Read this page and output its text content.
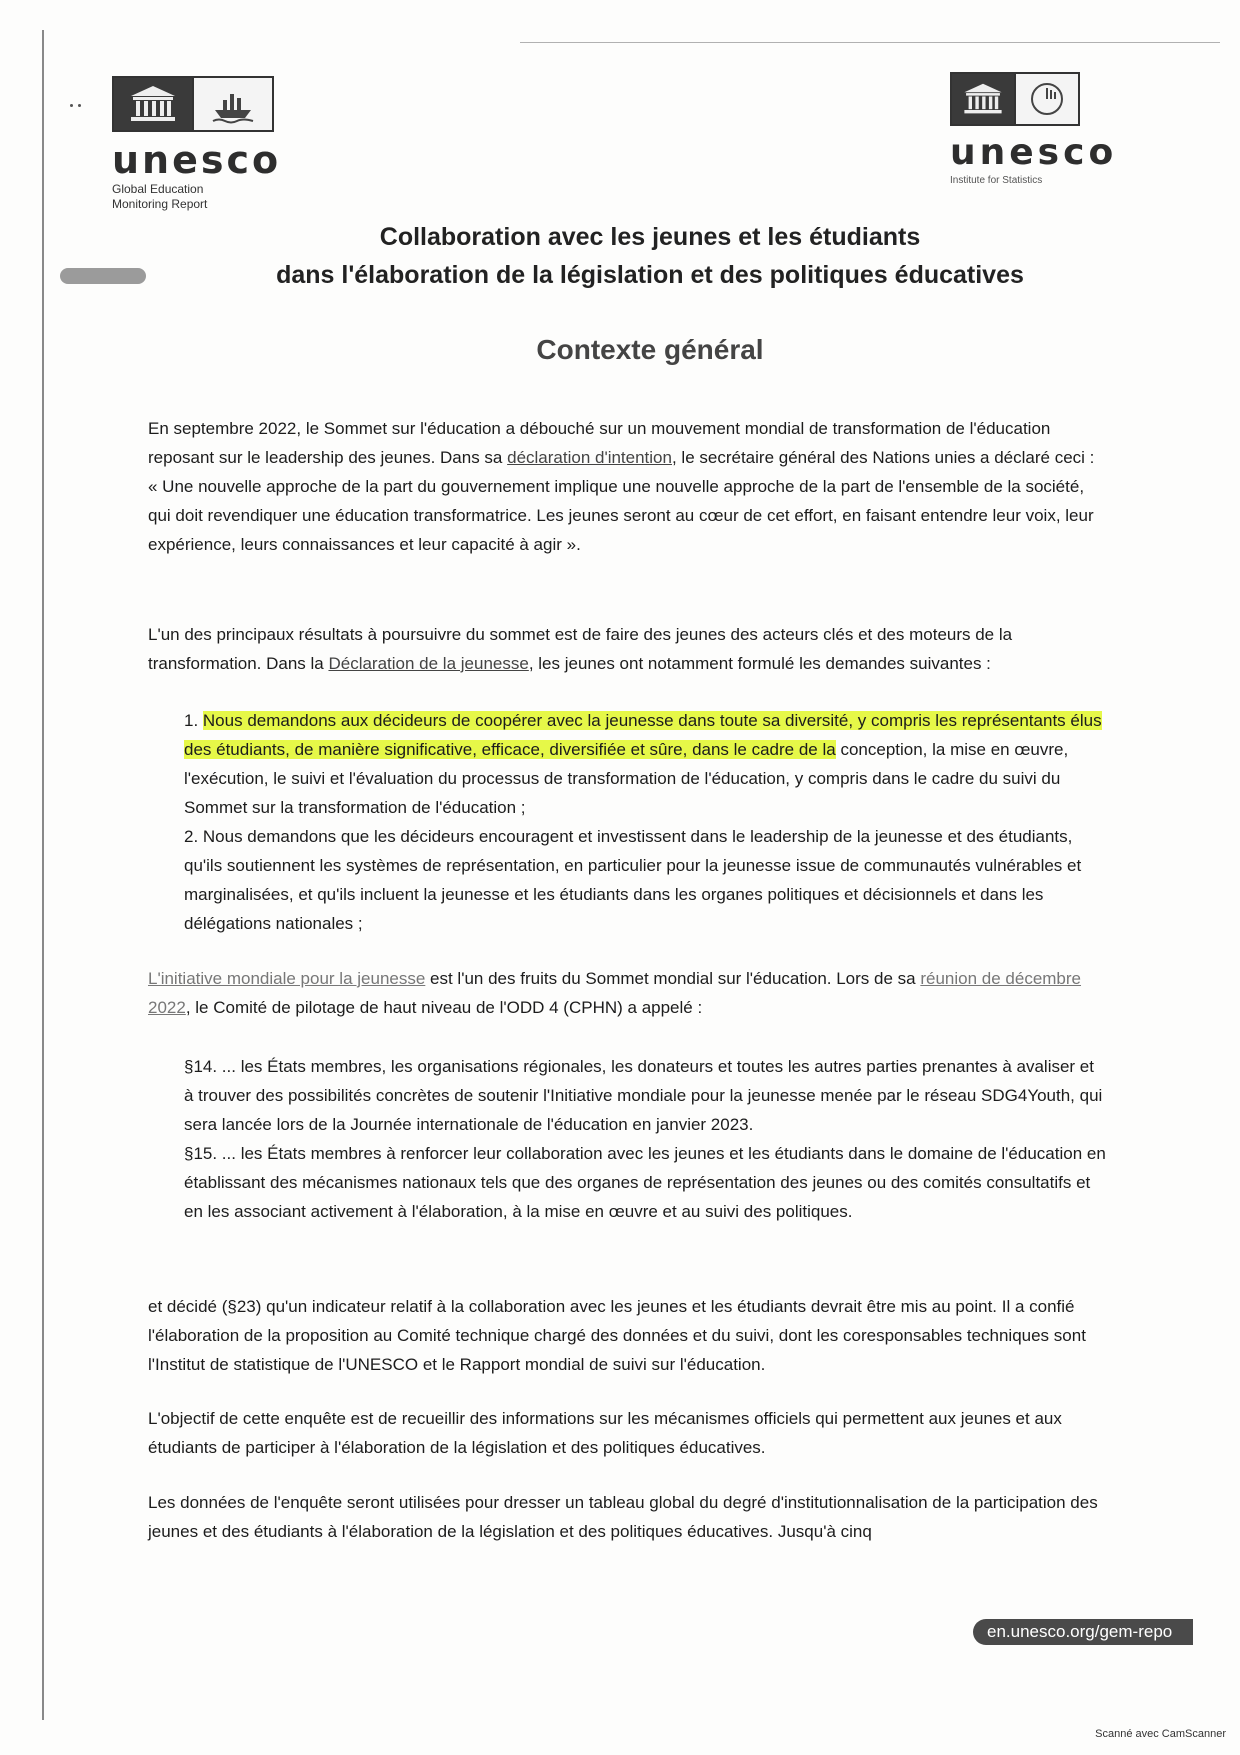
unesco
Global Education
Monitoring Report
unesco
Institute for Statistics
Collaboration avec les jeunes et les étudiants
dans l'élaboration de la législation et des politiques éducatives
Contexte général

En septembre 2022, le Sommet sur l'éducation a débouché sur un mouvement mondial de transformation de l'éducation reposant sur le leadership des jeunes. Dans sa déclaration d'intention, le secrétaire général des Nations unies a déclaré ceci : « Une nouvelle approche de la part du gouvernement implique une nouvelle approche de la part de l'ensemble de la société, qui doit revendiquer une éducation transformatrice. Les jeunes seront au cœur de cet effort, en faisant entendre leur voix, leur expérience, leurs connaissances et leur capacité à agir ».

L'un des principaux résultats à poursuivre du sommet est de faire des jeunes des acteurs clés et des moteurs de la transformation. Dans la Déclaration de la jeunesse, les jeunes ont notamment formulé les demandes suivantes :

1. Nous demandons aux décideurs de coopérer avec la jeunesse dans toute sa diversité, y compris les représentants élus des étudiants, de manière significative, efficace, diversifiée et sûre, dans le cadre de la conception, la mise en œuvre, l'exécution, le suivi et l'évaluation du processus de transformation de l'éducation, y compris dans le cadre du suivi du Sommet sur la transformation de l'éducation ;

2. Nous demandons que les décideurs encouragent et investissent dans le leadership de la jeunesse et des étudiants, qu'ils soutiennent les systèmes de représentation, en particulier pour la jeunesse issue de communautés vulnérables et marginalisées, et qu'ils incluent la jeunesse et les étudiants dans les organes politiques et décisionnels et dans les délégations nationales ;

L'initiative mondiale pour la jeunesse est l'un des fruits du Sommet mondial sur l'éducation. Lors de sa réunion de décembre 2022, le Comité de pilotage de haut niveau de l'ODD 4 (CPHN) a appelé :

§14. ... les États membres, les organisations régionales, les donateurs et toutes les autres parties prenantes à avaliser et à trouver des possibilités concrètes de soutenir l'Initiative mondiale pour la jeunesse menée par le réseau SDG4Youth, qui sera lancée lors de la Journée internationale de l'éducation en janvier 2023.

§15. ... les États membres à renforcer leur collaboration avec les jeunes et les étudiants dans le domaine de l'éducation en établissant des mécanismes nationaux tels que des organes de représentation des jeunes ou des comités consultatifs et en les associant activement à l'élaboration, à la mise en œuvre et au suivi des politiques.

et décidé (§23) qu'un indicateur relatif à la collaboration avec les jeunes et les étudiants devrait être mis au point. Il a confié l'élaboration de la proposition au Comité technique chargé des données et du suivi, dont les coresponsables techniques sont l'Institut de statistique de l'UNESCO et le Rapport mondial de suivi sur l'éducation.

L'objectif de cette enquête est de recueillir des informations sur les mécanismes officiels qui permettent aux jeunes et aux étudiants de participer à l'élaboration de la législation et des politiques éducatives.

Les données de l'enquête seront utilisées pour dresser un tableau global du degré d'institutionnalisation de la participation des jeunes et des étudiants à l'élaboration de la législation et des politiques éducatives. Jusqu'à cinq

en.unesco.org/gem-repo
Scanné avec CamScanner
